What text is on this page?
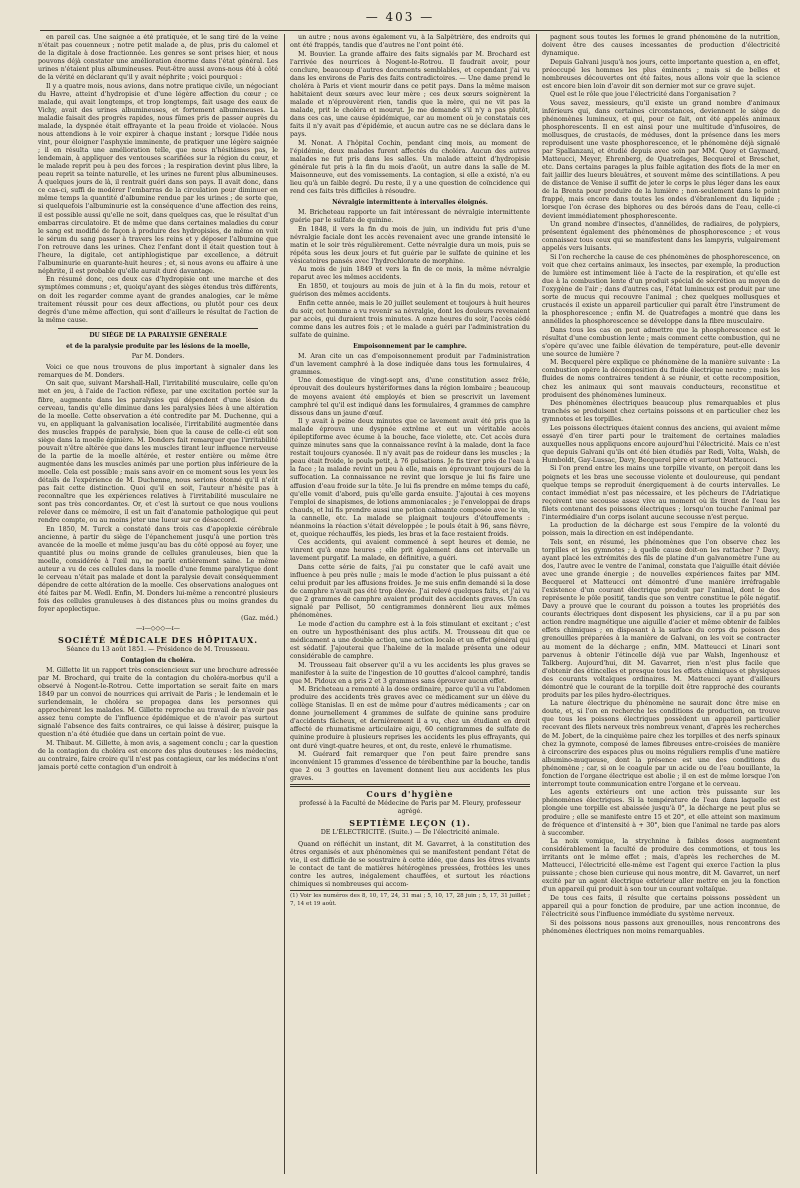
— 403 —

en pareil cas. Une saignée a été pratiquée, et le sang tiré de la veine n'était pas couenneux ; notre petit malade a, de plus, pris du calomel et de la digitale à dose fractionnée. Les genres se sont prises hier, et nous pouvons déjà constater une amélioration énorme dans l'état général. Les urines n'étaient plus albumineuses. Peut-être aussi avons-nous été à côté de la vérité en déclarant qu'il y avait néphrite ; voici pourquoi :

Il y a quatre mois, nous avions, dans notre pratique civile, un négociant du Havre, atteint d'hydropisie et d'une légère affection du cœur ; ce malade, qui avait longtemps, et trop longtemps, fait usage des eaux de Vichy, avait des urines albumineuses, et fortement albumineuses. La maladie faisait des progrès rapides, nous fûmes pris de passer auprès du malade, la dyspnée était effrayante et la peau froide et violacée. Nous nous attendions à le voir expirer à chaque instant ; lorsque l'idée nous vint, pour éloigner l'asphyxie imminente, de pratiquer une légère saignée ; il en résulta une amélioration telle, que nous n'hésitâmes pas, le lendemain, à appliquer des ventouses scarifiées sur la région du cœur, et le malade reprit peu à peu des forces ; la respiration devint plus libre, la peau reprit sa teinte naturelle, et les urines ne furent plus albumineuses. A quelques jours de là, il rentrait guéri dans son pays. Il avait donc, dans ce cas-ci, suffi de modérer l'embarras de la circulation pour diminuer en même temps la quantité d'albumine rendue par les urines ; de sorte que, si quelquefois l'albuminurie est la conséquence d'une affection des reins, il est possible aussi qu'elle ne soit, dans quelques cas, que le résultat d'un embarras circulatoire. Et de même que dans certaines maladies du cœur le sang est modifié de façon à produire des hydropisies, de même on voit le sérum du sang passer à travers les reins et y déposer l'albumine que l'on retrouve dans les urines. Chez l'enfant dont il était question tout à l'heure, la digitale, cet antiphlogistique par excellence, a détruit l'albuminurie en quarante-huit heures ; et, si nous avons eu affaire à une néphrite, il est probable qu'elle aurait duré davantage.

En résumé donc, ces deux cas d'hydropisie ont une marche et des symptômes communs ; et, quoiqu'ayant des sièges étendus très différents, on doit les regarder comme ayant de grandes analogies, car le même traitement réussit pour ces deux affections, ou plutôt pour ces deux degrés d'une même affection, qui sont d'ailleurs le résultat de l'action de la même cause.

DU SIÈGE DE LA PARALYSIE GÉNÉRALE

et de la paralysie produite par les lésions de la moelle,

Par M. Donders.

Voici ce que nous trouvons de plus important à signaler dans les remarques de M. Donders.

On sait que, suivant Marshall-Hall, l'irritabilité musculaire, celle qu'on met en jeu, à l'aide de l'action réflexe, par une excitation portée sur la fibre, augmente dans les paralysies qui dépendent d'une lésion du cerveau, tandis qu'elle diminue dans les paralysies liées à une altération de la moelle. Cette observation a été contredite par M. Duchenne, qui a vu, en appliquant la galvanisation localisée, l'irritabilité augmentée dans des muscles frappés de paralysie, bien que la cause de celle-ci eût son siège dans la moelle épinière. M. Donders fait remarquer que l'irritabilité pouvait n'être altérée que dans les muscles tirant leur influence nerveuse de la partie de la moelle altérée, et rester entière ou même être augmentée dans les muscles animés par une portion plus inférieure de la moelle. Cela est possible ; mais sans avoir en ce moment sous les yeux les détails de l'expérience de M. Duchenne, nous serions étonné qu'il n'eût pas fait cette distinction. Quoi qu'il en soit, l'auteur n'hésite pas à reconnaître que les expériences relatives à l'irritabilité musculaire ne sont pas très concordantes. Or, et c'est là surtout ce que nous voulions relever dans ce mémoire, il est un fait d'anatomie pathologique qui peut rendre compte, ou au moins jeter une lueur sur ce désaccord.

En 1850, M. Turck a constaté dans trois cas d'apoplexie cérébrale ancienne, à partir du siège de l'épanchement jusqu'à une portion très avancée de la moelle et même jusqu'au bas du côté opposé au foyer, une quantité plus ou moins grande de cellules granuleuses, bien que la moelle, considérée à l'œil nu, ne parût entièrement saine. Le même auteur a vu de ces cellules dans la moelle d'une femme paralytique dont le cerveau n'était pas malade et dont la paralysie devait conséquemment dépendre de cette altération de la moelle. Ces observations analogues ont été faites par M. Wedl. Enfin, M. Donders lui-même a rencontré plusieurs fois des cellules granuleuses à des distances plus ou moins grandes du foyer apoplectique.

(Gaz. méd.)

—ɪ—◇◇◇—ɪ—

SOCIÉTÉ MÉDICALE DES HÔPITAUX.

Séance du 13 août 1851. — Présidence de M. Trousseau.

Contagion du choléra.

M. Gillette lit un rapport très consciencieux sur une brochure adressée par M. Brochard, qui traite de la contagion du choléra-morbus qu'il a observé à Nogent-le-Rotrou. Cette importation se serait faite en mars 1849 par un convoi de nourrices qui arrivait de Paris ; le lendemain et le surlendemain, le choléra se propagea dans les personnes qui approchèrent les malades. M. Gillette reproche au travail de n'avoir pas assez tenu compte de l'influence épidémique et de n'avoir pas surtout signalé l'absence des faits contraires, ce qui laisse à désirer, puisque la question n'a été étudiée que dans un certain point de vue.

M. Thibaut. M. Gillette, à mon avis, a sagement conclu ; car la question de la contagion du choléra est encore des plus douteuses : les médecins, au contraire, faire croire qu'il n'est pas contagieux, car les médecins n'ont jamais porté cette contagion d'un endroit à

un autre ; nous avons également vu, à la Salpêtrière, des endroits qui ont été frappés, tandis que d'autres ne l'ont point été.

M. Bouvier. La grande affaire des faits signalés par M. Brochard est l'arrivée des nourrices à Nogent-le-Rotrou. Il faudrait avoir, pour conclure, beaucoup d'autres documents semblables, et cependant j'ai vu dans les environs de Paris des faits contradictoires. — Une dame prend le choléra à Paris et vient mourir dans ce petit pays. Dans la même maison habitaient deux sœurs avec leur mère ; ces deux sœurs soignèrent la malade et n'éprouvèrent rien, tandis que la mère, qui ne vit pas la malade, prit le choléra et mourut. Je me demande s'il n'y a pas plutôt, dans ces cas, une cause épidémique, car au moment où je constatais ces faits il n'y avait pas d'épidémie, et aucun autre cas ne se déclara dans le pays.

M. Nonat. A l'hôpital Cochin, pendant cinq mois, au moment de l'épidémie, deux malades furent affectés du choléra. Aucun des autres malades ne fut pris dans les salles. Un malade atteint d'hydropisie générale fut pris à la fin du mois d'août, un autre dans la salle de M. Maisonneuve, eut des vomissements. La contagion, si elle a existé, n'a eu lieu qu'à un faible degré. Du reste, il y a une question de coïncidence qui rend ces faits très difficiles à résoudre.

Névralgie intermittente à intervalles éloignés.

M. Bricheteau rapporte un fait intéressant de névralgie intermittente guérie par le sulfate de quinine.

En 1848, il vers la fin du mois de juin, un individu fut pris d'une névralgie faciale dont les accès revenaient avec une grande intensité le matin et le soir très régulièrement. Cette névralgie dura un mois, puis se répéta sous les deux jours et fut guérie par le sulfate de quinine et les vésicatoires pansés avec l'hydrochlorate de morphine.

Au mois de juin 1849 et vers la fin de ce mois, la même névralgie reparut avec les mêmes accidents.

En 1850, et toujours au mois de juin et à la fin du mois, retour et guérison des mêmes accidents.

Enfin cette année, mais le 20 juillet seulement et toujours à huit heures du soir, cet homme a vu revenir sa névralgie, dont les douleurs revenaient par accès, qui duraient trois minutes. A onze heures du soir, l'accès cédé comme dans les autres fois ; et le malade a guéri par l'administration du sulfate de quinine.

Empoisonnement par le camphre.

M. Aran cite un cas d'empoisonnement produit par l'administration d'un lavement camphré à la dose indiquée dans tous les formulaires, 4 grammes.

Une domestique de vingt-sept ans, d'une constitution assez frêle, éprouvait des douleurs hystériformes dans la région lombaire ; beaucoup de moyens avaient été employés et bien se prescrivit un lavement camphré tel qu'il est indiqué dans les formulaires, 4 grammes de camphre dissous dans un jaune d'œuf.

Il y avait à peine deux minutes que ce lavement avait été pris que la malade éprouva une dyspnée extrême et eut un véritable accès épileptiforme avec écume à la bouche, face violette, etc. Cet accès dura quinze minutes sans que la connaissance revînt à la malade, dont la face restait toujours cyanosée. Il n'y avait pas de roideur dans les muscles ; la peau était froide, le pouls petit, à 76 pulsations. Je fis tirer près de l'eau à la face ; la malade revint un peu à elle, mais en éprouvant toujours de la suffocation. La connaissance ne revint que lorsque je lui fis faire une affusion d'eau froide sur la tête. Je lui fis prendre en même temps du café, qu'elle vomit d'abord, puis qu'elle garda ensuite. J'ajoutai à ces moyens l'emploi de sinapismes, de lotions ammoniacales ; je l'enveloppai de draps chauds, et lui fis prendre aussi une potion calmante composée avec le vin, la cannelle, etc. La malade se plaignait toujours d'étouffements : néanmoins la réaction s'était développée ; le pouls était à 96, sans fièvre, et, quoique réchauffés, les pieds, les bras et la face restaient froids.

Ces accidents, qui avaient commencé à sept heures et demie, ne vinrent qu'à onze heures ; elle prit également dans cet intervalle un lavement purgatif. La malade, en définitive, a guéri.

Dans cette série de faits, j'ai pu constater que le café avait une influence à peu près nulle ; mais le mode d'action le plus puissant a été celui produit par les affusions froides. Je me suis enfin demandé si la dose de camphre n'avait pas été trop élevée. J'ai relevé quelques faits, et j'ai vu que 2 grammes de camphre avaient produit des accidents graves. Un cas signalé par Pellisot, 50 centigrammes donnèrent lieu aux mêmes phénomènes.

Le mode d'action du camphre est à la fois stimulant et excitant ; c'est en outre un hyposthénisant des plus actifs. M. Trousseau dit que ce médicament a une double action, une action locale et un effet général qui est sédatif. J'ajouterai que l'haleine de la malade présenta une odeur considérable de camphre.

M. Trousseau fait observer qu'il a vu les accidents les plus graves se manifester à la suite de l'ingestion de 10 gouttes d'alcool camphré, tandis que M. Pidoux en a pris 2 et 3 grammes sans éprouver aucun effet.

M. Bricheteau a remonté à la dose ordinaire, parce qu'il a vu l'abdomen produire des accidents très graves avec ce médicament sur un élève du collège Stanislas. Il en est de même pour d'autres médicaments ; car on donne journellement 4 grammes de sulfate de quinine sans produire d'accidents fâcheux, et dernièrement il a vu, chez un étudiant en droit affecté de rhumatisme articulaire aigu, 60 centigrammes de sulfate de quinine produire à plusieurs reprises les accidents les plus effrayants, qui ont duré vingt-quatre heures, et ont, du reste, enlevé le rhumatisme.

M. Guérard fait remarquer que l'on peut faire prendre sans inconvénient 15 grammes d'essence de térébenthine par la bouche, tandis que 2 ou 3 gouttes en lavement donnent lieu aux accidents les plus graves.

Cours d'hygiène

professé à la Faculté de Médecine de Paris par M. Fleury, professeur agrégé.

SEPTIÈME LEÇON (1).

DE L'ÉLECTRICITÉ. (Suite.) — De l'électricité animale.

Quand on réfléchit un instant, dit M. Gavarret, à la constitution des êtres organisés et aux phénomènes qui se manifestent pendant l'état de vie, il est difficile de se soustraire à cette idée, que dans les êtres vivants le contact de tant de matières hétérogènes pressées, frottées les unes contre les autres, inégalement chauffées, et surtout les réactions chimiques si nombreuses qui accom-

(1) Voir les numéros des 8, 10, 17, 24, 31 mai ; 5, 10, 17, 28 juin ; 5, 17, 31 juillet ; 7, 14 et 19 août.

pagnent sous toutes les formes le grand phénomène de la nutrition, doivent être des causes incessantes de production d'électricité dynamique.

Depuis Galvani jusqu'à nos jours, cette importante question a, en effet, préoccupé les hommes les plus éminents ; mais si de belles et nombreuses découvertes ont été faites, nous allons voir que la science est encore bien loin d'avoir dit son dernier mot sur ce grave sujet.

Quel est le rôle que joue l'électricité dans l'organisation ?

Vous savez, messieurs, qu'il existe un grand nombre d'animaux inférieurs qui, dans certaines circonstances, deviennent le siège de phénomènes lumineux, et qui, pour ce fait, ont été appelés animaux phosphorescents. Il en est ainsi pour une multitude d'infusoires, de mollusques, de crustacés, de méduses, dont la présence dans les mers reproduisent une vaste phosphorescence, et le phénomène déjà signalé par Spallanzani, et étudié depuis avec soin par MM. Quoy et Gaymard, Matteucci, Meyer, Ehrenberg, de Quatrefages, Becquerel et Breschet, etc. Dans certains parages la plus faible agitation des flots de la mer en fait jaillir des lueurs bleuâtres, et souvent même des scintillations. A peu de distance de Venise il suffit de jeter le corps le plus léger dans les eaux de la Brenta pour produire de la lumière ; non-seulement dans le point frappé, mais encore dans toutes les ondes d'ébranlement du liquide ; lorsque l'on écrase des biphores ou des béroés dans de l'eau, celle-ci devient immédiatement phosphorescente.

Un grand nombre d'insectes, d'annélides, de radiaires, de polypiers, présentent également des phénomènes de phosphorescence ; et vous connaissez tous ceux qui se manifestent dans les lampyris, vulgairement appelés vers luisants.

Si l'on recherche la cause de ces phénomènes de phosphorescence, on voit que chez certains animaux, les insectes, par exemple, la production de lumière est intimement liée à l'acte de la respiration, et qu'elle est due à la combustion lente d'un produit spécial de sécrétion au moyen de l'oxygène de l'air ; dans d'autres cas, l'état lumineux est produit par une sorte de mucus qui recouvre l'animal ; chez quelques mollusques et crustacés il existe un appareil particulier qui paraît être l'instrument de la phosphorescence ; enfin M. de Quatrefages a montré que dans les annélides la phosphorescence se développe dans la fibre musculaire.

Dans tous les cas on peut admettre que la phosphorescence est le résultat d'une combustion lente ; mais comment cette combustion, qui ne s'opère qu'avec une faible élévation de température, peut-elle devenir une source de lumière ?

M. Becquerel père explique ce phénomène de la manière suivante : La combustion opère la décomposition du fluide électrique neutre ; mais les fluides de noms contraires tendent à se réunir, et cette recomposition, chez les animaux qui sont mauvais conducteurs, reconstitue et produisent des phénomènes lumineux.

Des phénomènes électriques beaucoup plus remarquables et plus tranchés se produisent chez certains poissons et en particulier chez les gymnotes et les torpilles.

Les poissons électriques étaient connus des anciens, qui avaient même essayé d'en tirer parti pour le traitement de certaines maladies auxquelles nous appliquons encore aujourd'hui l'électricité. Mais ce n'est que depuis Galvani qu'ils ont été bien étudiés par Redi, Volta, Walsh, de Humboldt, Gay-Lussac, Davy, Becquerel père et surtout Matteucci.

Si l'on prend entre les mains une torpille vivante, on perçoit dans les poignets et les bras une secousse violente et douloureuse, qui pendant quelque temps se reproduit énergiquement à de courts intervalles. Le contact immédiat n'est pas nécessaire, et les pêcheurs de l'Adriatique reçoivent une secousse assez vive au moment où ils tirent de l'eau les filets contenant des poissons électriques ; lorsqu'on touche l'animal par l'intermédiaire d'un corps isolant aucune secousse n'est perçue.

La production de la décharge est sous l'empire de la volonté du poisson, mais la direction en est indépendante.

Tels sont, en résumé, les phénomènes que l'on observe chez les torpilles et les gymnotes ; à quelle cause doit-on les rattacher ? Davy, ayant placé les extrémités des fils de platine d'un galvanomètre l'une au dos, l'autre avec le ventre de l'animal, constata que l'aiguille était déviée avec une grande énergie ; de nouvelles expériences faites par MM. Becquerel et Matteucci ont démontré d'une manière irréfragable l'existence d'un courant électrique produit par l'animal, dont le dos représente le pôle positif, tandis que son ventre constitue le pôle négatif. Davy a prouvé que le courant du poisson a toutes les propriétés des courants électriques dont disposent les physiciens, car il a pu par son action rendre magnétique une aiguille d'acier et même obtenir de faibles effets chimiques ; en disposant à la surface du corps du poisson des grenouilles préparées à la manière de Galvani, on les voit se contracter au moment de la décharge ; enfin, MM. Matteucci et Linari sont parvenus à obtenir l'étincelle déjà vue par Walsh, Ingenhousz et Talkberg. Aujourd'hui, dit M. Gavarret, rien n'est plus facile que d'obtenir des étincelles et presque tous les effets chimiques et physiques des courants voltaïques ordinaires. M. Matteucci ayant d'ailleurs démontré que le courant de la torpille doit être rapproché des courants produits par les piles hydro-électriques.

La nature électrique du phénomène ne saurait donc être mise en doute, et, si l'on en recherche les conditions de production, on trouve que tous les poissons électriques possèdent un appareil particulier recevant des filets nerveux très nombreux venant, d'après les recherches de M. Jobert, de la cinquième paire chez les torpilles et des nerfs spinaux chez la gymnote, composé de lames fibreuses entre-croisées de manière à circonscrire des espaces plus ou moins réguliers remplis d'une matière albumino-muqueuse, dont la présence est une des conditions du phénomène ; car, si on le coagule par un acide ou de l'eau bouillante, la fonction de l'organe électrique est abolie ; il en est de même lorsque l'on interrompt toute communication entre l'organe et le cerveau.

Les agents extérieurs ont une action très puissante sur les phénomènes électriques. Si la température de l'eau dans laquelle est plongée une torpille est abaissée jusqu'à 0°, la décharge ne peut plus se produire ; elle se manifeste entre 15 et 20°, et elle atteint son maximum de fréquence et d'intensité à + 30°, bien que l'animal ne tarde pas alors à succomber.

La noix vomique, la strychnine à faibles doses augmentent considérablement la faculté de produire des commotions, et tous les irritants ont le même effet ; mais, d'après les recherches de M. Matteucci, l'électricité elle-même est l'agent qui exerce l'action la plus puissante ; chose bien curieuse qui nous montre, dit M. Gavarret, un nerf excité par un agent électrique extérieur aller mettre en jeu la fonction d'un appareil qui produit à son tour un courant voltaïque.

De tous ces faits, il résulte que certains poissons possèdent un appareil qui a pour fonction de produire, par une action inconnue, de l'électricité sous l'influence immédiate du système nerveux.

Si des poissons nous passons aux grenouilles, nous rencontrons des phénomènes électriques non moins remarquables.
